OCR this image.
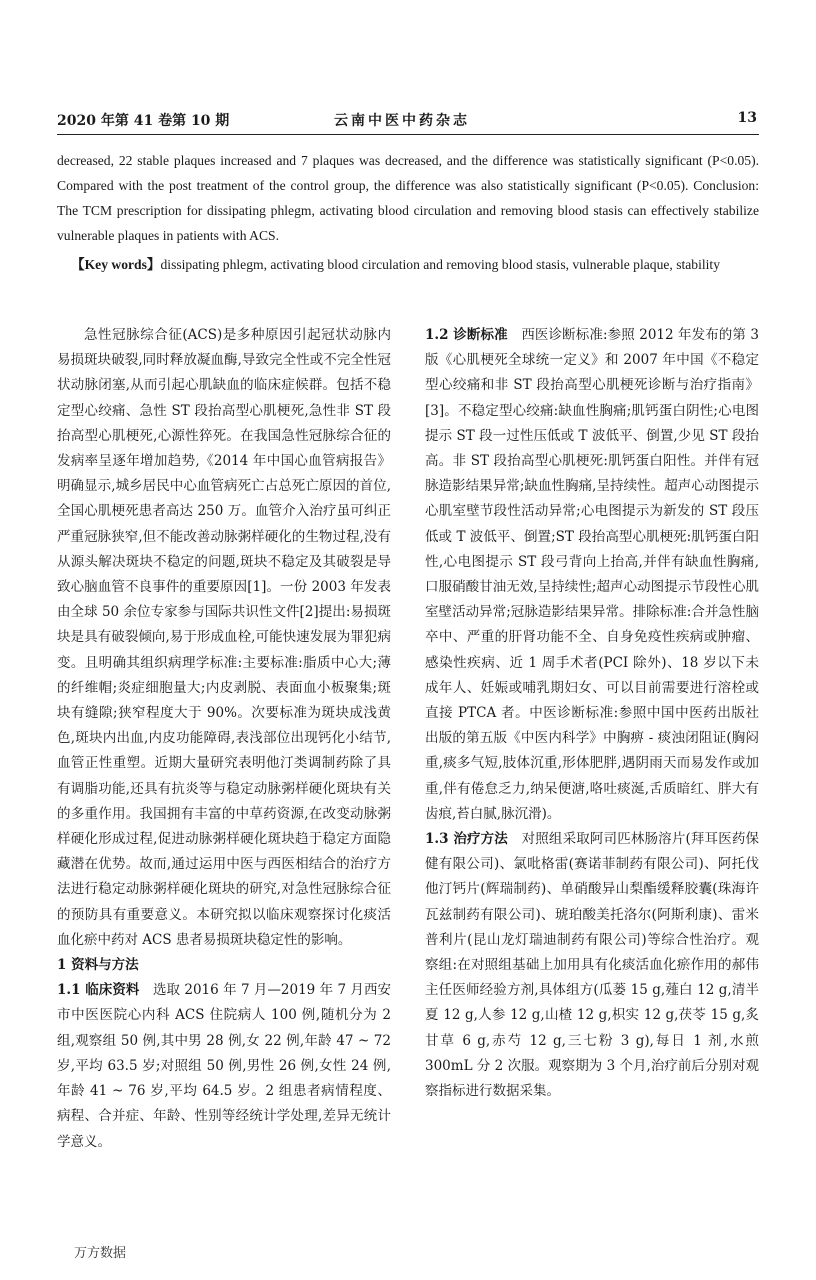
2020 年第 41 卷第 10 期	云南中医中药杂志	13

decreased, 22 stable plaques increased and 7 plaques was decreased, and the difference was statistically significant (P<0.05). Compared with the post treatment of the control group, the difference was also statistically significant (P<0.05). Conclusion: The TCM prescription for dissipating phlegm, activating blood circulation and removing blood stasis can effectively stabilize vulnerable plaques in patients with ACS.

【Key words】dissipating phlegm, activating blood circulation and removing blood stasis, vulnerable plaque, stability

急性冠脉综合征(ACS)是多种原因引起冠状动脉内易损斑块破裂,同时释放凝血酶,导致完全性或不完全性冠状动脉闭塞,从而引起心肌缺血的临床症候群。包括不稳定型心绞痛、急性 ST 段抬高型心肌梗死,急性非 ST 段抬高型心肌梗死,心源性猝死。在我国急性冠脉综合征的发病率呈逐年增加趋势,《2014 年中国心血管病报告》明确显示,城乡居民中心血管病死亡占总死亡原因的首位,全国心肌梗死患者高达 250 万。血管介入治疗虽可纠正严重冠脉狭窄,但不能改善动脉粥样硬化的生物过程,没有从源头解决斑块不稳定的问题,斑块不稳定及其破裂是导致心脑血管不良事件的重要原因[1]。一份 2003 年发表由全球 50 余位专家参与国际共识性文件[2]提出:易损斑块是具有破裂倾向,易于形成血栓,可能快速发展为罪犯病变。且明确其组织病理学标准:主要标准:脂质中心大;薄的纤维帽;炎症细胞量大;内皮剥脱、表面血小板聚集;斑块有缝隙;狭窄程度大于 90%。次要标准为斑块成浅黄色,斑块内出血,内皮功能障碍,表浅部位出现钙化小结节,血管正性重塑。近期大量研究表明他汀类调制药除了具有调脂功能,还具有抗炎等与稳定动脉粥样硬化斑块有关的多重作用。我国拥有丰富的中草药资源,在改变动脉粥样硬化形成过程,促进动脉粥样硬化斑块趋于稳定方面隐藏潜在优势。故而,通过运用中医与西医相结合的治疗方法进行稳定动脉粥样硬化斑块的研究,对急性冠脉综合征的预防具有重要意义。本研究拟以临床观察探讨化痰活血化瘀中药对 ACS 患者易损斑块稳定性的影响。

1 资料与方法

1.1 临床资料　 选取 2016 年 7 月—2019 年 7 月西安市中医医院心内科 ACS 住院病人 100 例,随机分为 2 组,观察组 50 例,其中男 28 例,女 22 例,年龄 47 ~ 72 岁,平均 63.5 岁;对照组 50 例,男性 26 例,女性 24 例,年龄 41 ~ 76 岁,平均 64.5 岁。2 组患者病情程度、病程、合并症、年龄、性别等经统计学处理,差异无统计学意义。

1.2 诊断标准　 西医诊断标准:参照 2012 年发布的第 3 版《心肌梗死全球统一定义》和 2007 年中国《不稳定型心绞痛和非 ST 段抬高型心肌梗死诊断与治疗指南》[3]。不稳定型心绞痛:缺血性胸痛;肌钙蛋白阴性;心电图提示 ST 段一过性压低或 T 波低平、倒置,少见 ST 段抬高。非 ST 段抬高型心肌梗死:肌钙蛋白阳性。并伴有冠脉造影结果异常;缺血性胸痛,呈持续性。超声心动图提示心肌室壁节段性活动异常;心电图提示为新发的 ST 段压低或 T 波低平、倒置;ST 段抬高型心肌梗死:肌钙蛋白阳性,心电图提示 ST 段弓背向上抬高,并伴有缺血性胸痛,口服硝酸甘油无效,呈持续性;超声心动图提示节段性心肌室壁活动异常;冠脉造影结果异常。排除标准:合并急性脑卒中、严重的肝肾功能不全、自身免疫性疾病或肿瘤、感染性疾病、近 1 周手术者(PCI 除外)、18 岁以下未成年人、妊娠或哺乳期妇女、可以目前需要进行溶栓或直接 PTCA 者。中医诊断标准:参照中国中医药出版社出版的第五版《中医内科学》中胸痹 - 痰浊闭阻证(胸闷重,痰多气短,肢体沉重,形体肥胖,遇阴雨天而易发作或加重,伴有倦怠乏力,纳呆便溏,咯吐痰涎,舌质暗红、胖大有齿痕,苔白腻,脉沉滑)。

1.3 治疗方法　 对照组采取阿司匹林肠溶片(拜耳医药保健有限公司)、氯吡格雷(赛诺菲制药有限公司)、阿托伐他汀钙片(辉瑞制药)、单硝酸异山梨酯缓释胶囊(珠海许瓦兹制药有限公司)、琥珀酸美托洛尔(阿斯利康)、雷米普利片(昆山龙灯瑞迪制药有限公司)等综合性治疗。观察组:在对照组基础上加用具有化痰活血化瘀作用的郝伟主任医师经验方剂,具体组方(瓜蒌 15 g,薤白 12 g,清半夏 12 g,人参 12 g,山楂 12 g,枳实 12 g,茯苓 15 g,炙甘草 6 g,赤芍 12 g,三七粉 3 g),每日 1 剂,水煎 300mL 分 2 次服。观察期为 3 个月,治疗前后分别对观察指标进行数据采集。

万方数据
